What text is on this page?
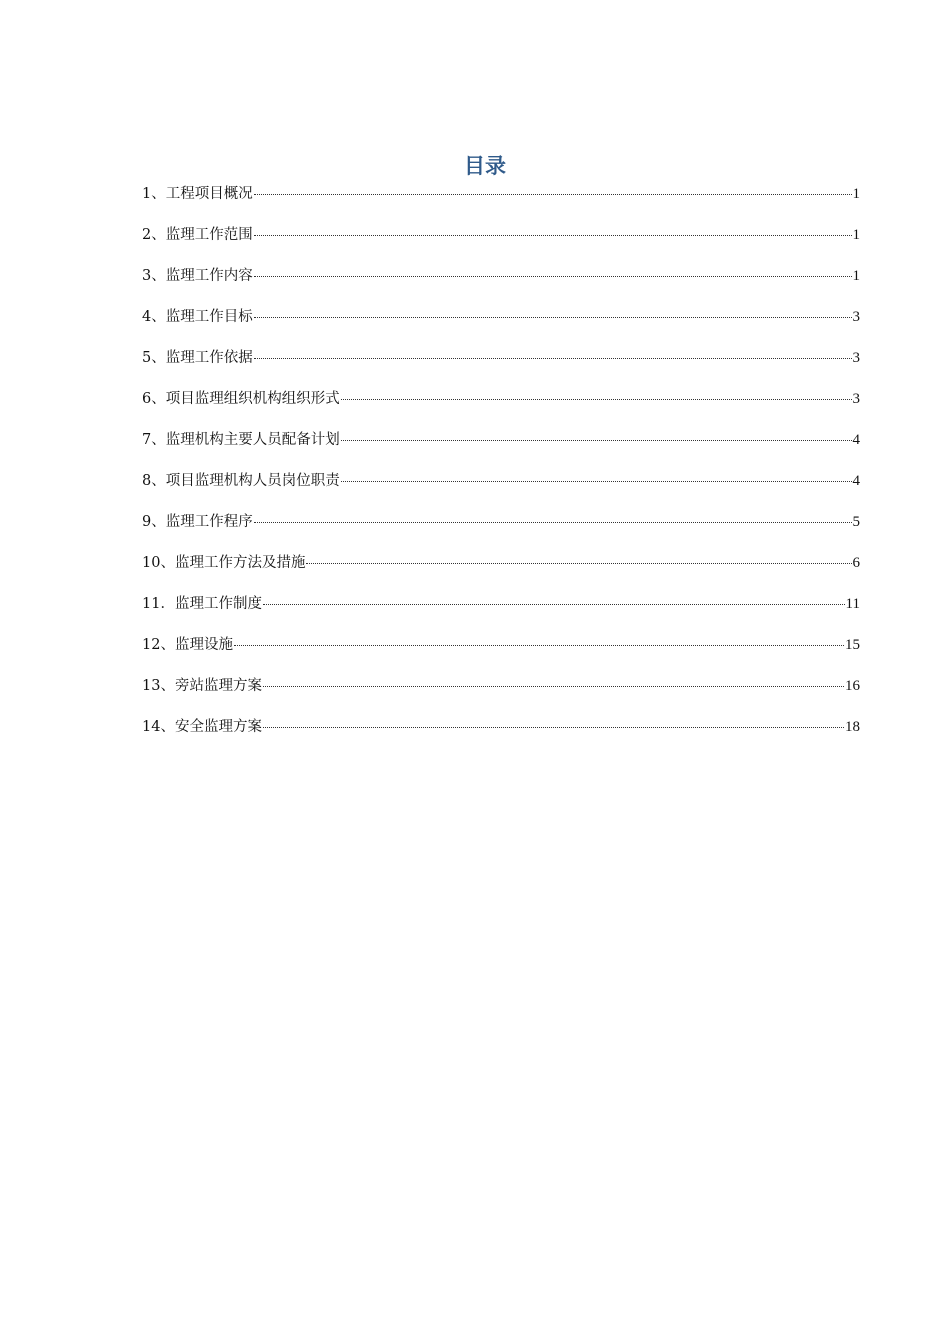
目录
1、工程项目概况	1
2、监理工作范围	1
3、监理工作内容	1
4、监理工作目标	3
5、监理工作依据	3
6、项目监理组织机构组织形式	3
7、监理机构主要人员配备计划	4
8、项目监理机构人员岗位职责	4
9、监理工作程序	5
10、监理工作方法及措施	6
11．监理工作制度	11
12、监理设施	15
13、旁站监理方案	16
14、安全监理方案	18
